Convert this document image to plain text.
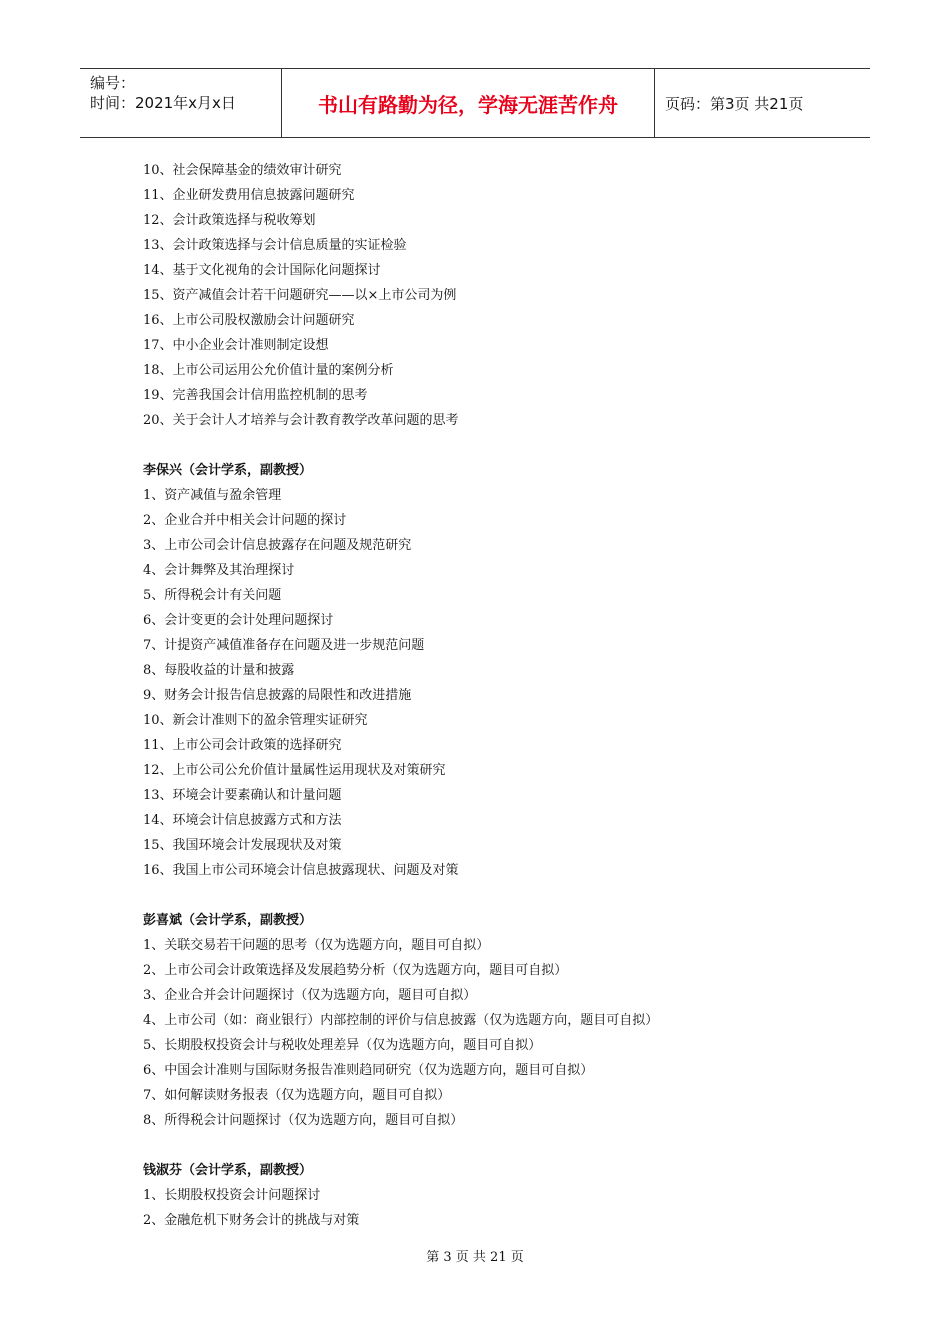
编号：
时间：2021年x月x日	书山有路勤为径，学海无涯苦作舟	页码：第3页 共21页
10、社会保障基金的绩效审计研究
11、企业研发费用信息披露问题研究
12、会计政策选择与税收筹划
13、会计政策选择与会计信息质量的实证检验
14、基于文化视角的会计国际化问题探讨
15、资产减值会计若干问题研究——以×上市公司为例
16、上市公司股权激励会计问题研究
17、中小企业会计准则制定设想
18、上市公司运用公允价值计量的案例分析
19、完善我国会计信用监控机制的思考
20、关于会计人才培养与会计教育教学改革问题的思考
李保兴（会计学系，副教授）
1、资产减值与盈余管理
2、企业合并中相关会计问题的探讨
3、上市公司会计信息披露存在问题及规范研究
4、会计舞弊及其治理探讨
5、所得税会计有关问题
6、会计变更的会计处理问题探讨
7、计提资产减值准备存在问题及进一步规范问题
8、每股收益的计量和披露
9、财务会计报告信息披露的局限性和改进措施
10、新会计准则下的盈余管理实证研究
11、上市公司会计政策的选择研究
12、上市公司公允价值计量属性运用现状及对策研究
13、环境会计要素确认和计量问题
14、环境会计信息披露方式和方法
15、我国环境会计发展现状及对策
16、我国上市公司环境会计信息披露现状、问题及对策
彭喜斌（会计学系，副教授）
1、关联交易若干问题的思考（仅为选题方向，题目可自拟）
2、上市公司会计政策选择及发展趋势分析（仅为选题方向，题目可自拟）
3、企业合并会计问题探讨（仅为选题方向，题目可自拟）
4、上市公司（如：商业银行）内部控制的评价与信息披露（仅为选题方向，题目可自拟）
5、长期股权投资会计与税收处理差异（仅为选题方向，题目可自拟）
6、中国会计准则与国际财务报告准则趋同研究（仅为选题方向，题目可自拟）
7、如何解读财务报表（仅为选题方向，题目可自拟）
8、所得税会计问题探讨（仅为选题方向，题目可自拟）
钱淑芬（会计学系，副教授）
1、长期股权投资会计问题探讨
2、金融危机下财务会计的挑战与对策
第 3 页 共 21 页
